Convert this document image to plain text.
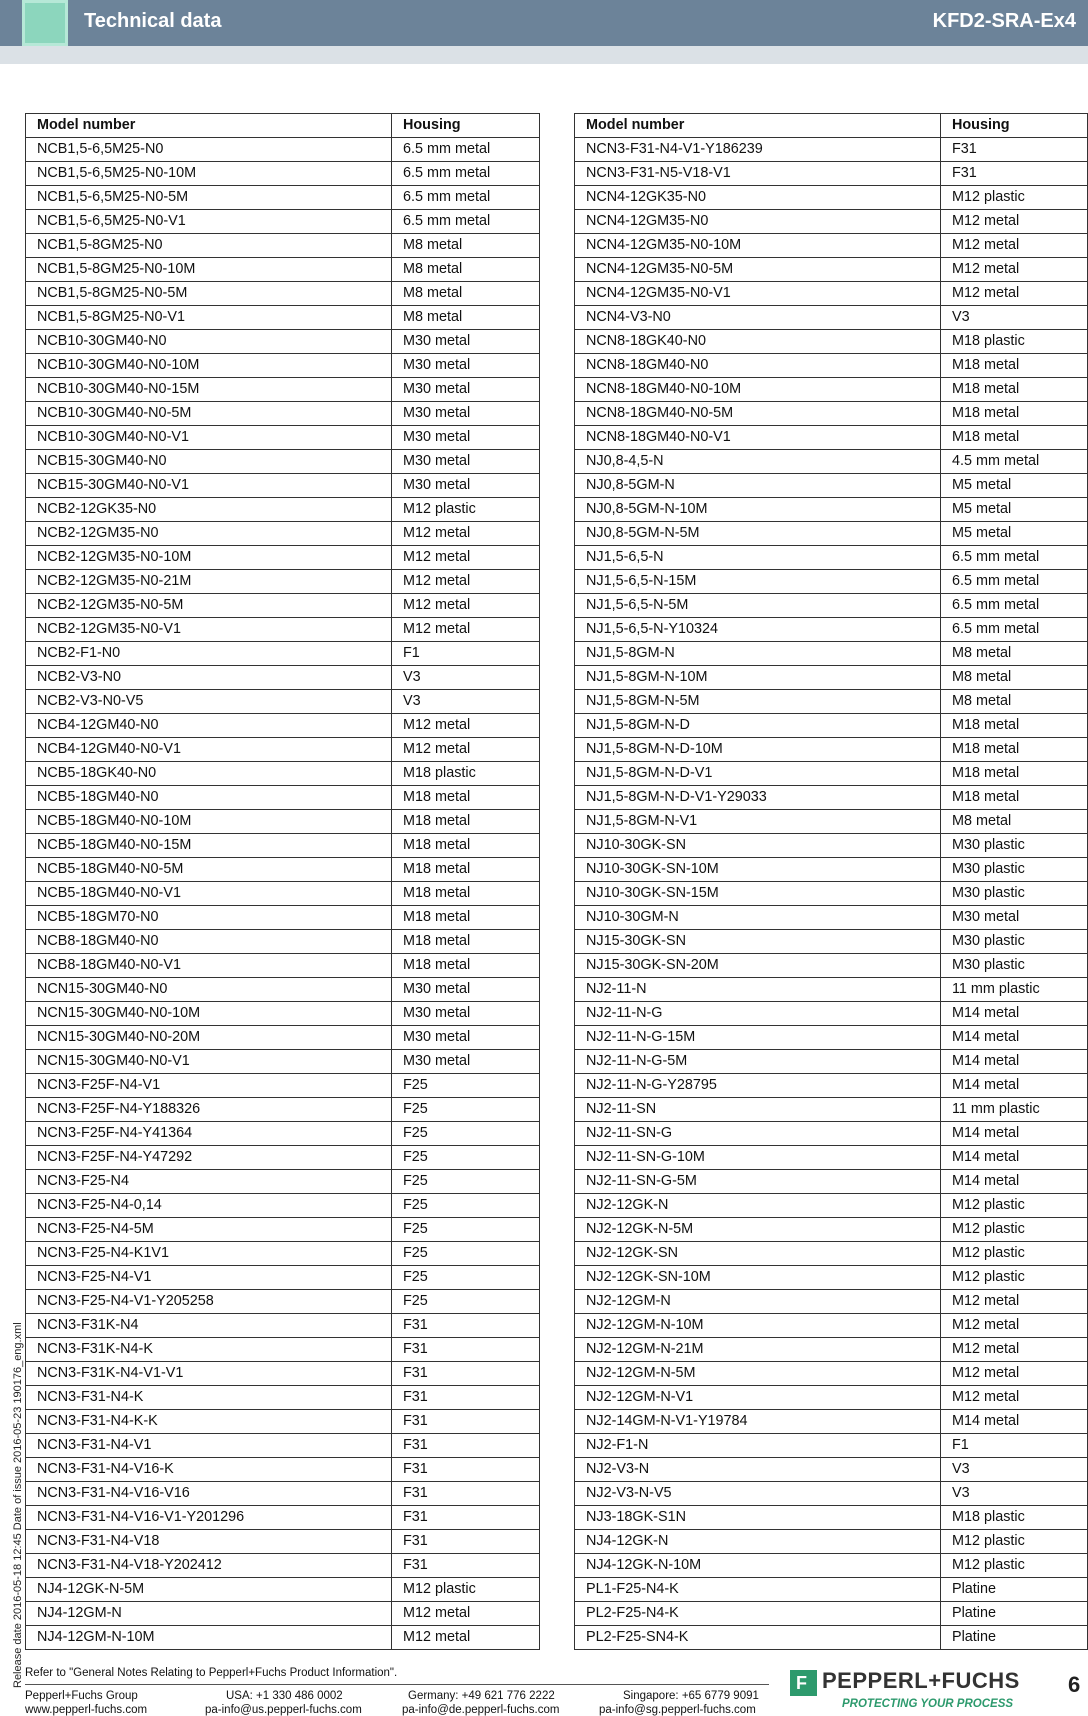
Technical data	KFD2-SRA-Ex4
Model number	Housing
NCB1,5-6,5M25-N0	6.5 mm metal
NCB1,5-6,5M25-N0-10M	6.5 mm metal
NCB1,5-6,5M25-N0-5M	6.5 mm metal
NCB1,5-6,5M25-N0-V1	6.5 mm metal
NCB1,5-8GM25-N0	M8 metal
NCB1,5-8GM25-N0-10M	M8 metal
NCB1,5-8GM25-N0-5M	M8 metal
NCB1,5-8GM25-N0-V1	M8 metal
NCB10-30GM40-N0	M30 metal
NCB10-30GM40-N0-10M	M30 metal
NCB10-30GM40-N0-15M	M30 metal
NCB10-30GM40-N0-5M	M30 metal
NCB10-30GM40-N0-V1	M30 metal
NCB15-30GM40-N0	M30 metal
NCB15-30GM40-N0-V1	M30 metal
NCB2-12GK35-N0	M12 plastic
NCB2-12GM35-N0	M12 metal
NCB2-12GM35-N0-10M	M12 metal
NCB2-12GM35-N0-21M	M12 metal
NCB2-12GM35-N0-5M	M12 metal
NCB2-12GM35-N0-V1	M12 metal
NCB2-F1-N0	F1
NCB2-V3-N0	V3
NCB2-V3-N0-V5	V3
NCB4-12GM40-N0	M12 metal
NCB4-12GM40-N0-V1	M12 metal
NCB5-18GK40-N0	M18 plastic
NCB5-18GM40-N0	M18 metal
NCB5-18GM40-N0-10M	M18 metal
NCB5-18GM40-N0-15M	M18 metal
NCB5-18GM40-N0-5M	M18 metal
NCB5-18GM40-N0-V1	M18 metal
NCB5-18GM70-N0	M18 metal
NCB8-18GM40-N0	M18 metal
NCB8-18GM40-N0-V1	M18 metal
NCN15-30GM40-N0	M30 metal
NCN15-30GM40-N0-10M	M30 metal
NCN15-30GM40-N0-20M	M30 metal
NCN15-30GM40-N0-V1	M30 metal
NCN3-F25F-N4-V1	F25
NCN3-F25F-N4-Y188326	F25
NCN3-F25F-N4-Y41364	F25
NCN3-F25F-N4-Y47292	F25
NCN3-F25-N4	F25
NCN3-F25-N4-0,14	F25
NCN3-F25-N4-5M	F25
NCN3-F25-N4-K1V1	F25
NCN3-F25-N4-V1	F25
NCN3-F25-N4-V1-Y205258	F25
NCN3-F31K-N4	F31
NCN3-F31K-N4-K	F31
NCN3-F31K-N4-V1-V1	F31
NCN3-F31-N4-K	F31
NCN3-F31-N4-K-K	F31
NCN3-F31-N4-V1	F31
NCN3-F31-N4-V16-K	F31
NCN3-F31-N4-V16-V16	F31
NCN3-F31-N4-V16-V1-Y201296	F31
NCN3-F31-N4-V18	F31
NCN3-F31-N4-V18-Y202412	F31
NJ4-12GK-N-5M	M12 plastic
NJ4-12GM-N	M12 metal
NJ4-12GM-N-10M	M12 metal
Model number	Housing
NCN3-F31-N4-V1-Y186239	F31
NCN3-F31-N5-V18-V1	F31
NCN4-12GK35-N0	M12 plastic
NCN4-12GM35-N0	M12 metal
NCN4-12GM35-N0-10M	M12 metal
NCN4-12GM35-N0-5M	M12 metal
NCN4-12GM35-N0-V1	M12 metal
NCN4-V3-N0	V3
NCN8-18GK40-N0	M18 plastic
NCN8-18GM40-N0	M18 metal
NCN8-18GM40-N0-10M	M18 metal
NCN8-18GM40-N0-5M	M18 metal
NCN8-18GM40-N0-V1	M18 metal
NJ0,8-4,5-N	4.5 mm metal
NJ0,8-5GM-N	M5 metal
NJ0,8-5GM-N-10M	M5 metal
NJ0,8-5GM-N-5M	M5 metal
NJ1,5-6,5-N	6.5 mm metal
NJ1,5-6,5-N-15M	6.5 mm metal
NJ1,5-6,5-N-5M	6.5 mm metal
NJ1,5-6,5-N-Y10324	6.5 mm metal
NJ1,5-8GM-N	M8 metal
NJ1,5-8GM-N-10M	M8 metal
NJ1,5-8GM-N-5M	M8 metal
NJ1,5-8GM-N-D	M18 metal
NJ1,5-8GM-N-D-10M	M18 metal
NJ1,5-8GM-N-D-V1	M18 metal
NJ1,5-8GM-N-D-V1-Y29033	M18 metal
NJ1,5-8GM-N-V1	M8 metal
NJ10-30GK-SN	M30 plastic
NJ10-30GK-SN-10M	M30 plastic
NJ10-30GK-SN-15M	M30 plastic
NJ10-30GM-N	M30 metal
NJ15-30GK-SN	M30 plastic
NJ15-30GK-SN-20M	M30 plastic
NJ2-11-N	11 mm plastic
NJ2-11-N-G	M14 metal
NJ2-11-N-G-15M	M14 metal
NJ2-11-N-G-5M	M14 metal
NJ2-11-N-G-Y28795	M14 metal
NJ2-11-SN	11 mm plastic
NJ2-11-SN-G	M14 metal
NJ2-11-SN-G-10M	M14 metal
NJ2-11-SN-G-5M	M14 metal
NJ2-12GK-N	M12 plastic
NJ2-12GK-N-5M	M12 plastic
NJ2-12GK-SN	M12 plastic
NJ2-12GK-SN-10M	M12 plastic
NJ2-12GM-N	M12 metal
NJ2-12GM-N-10M	M12 metal
NJ2-12GM-N-21M	M12 metal
NJ2-12GM-N-5M	M12 metal
NJ2-12GM-N-V1	M12 metal
NJ2-14GM-N-V1-Y19784	M14 metal
NJ2-F1-N	F1
NJ2-V3-N	V3
NJ2-V3-N-V5	V3
NJ3-18GK-S1N	M18 plastic
NJ4-12GK-N	M12 plastic
NJ4-12GK-N-10M	M12 plastic
PL1-F25-N4-K	Platine
PL2-F25-N4-K	Platine
PL2-F25-SN4-K	Platine
Release date 2016-05-18 12:45 Date of issue 2016-05-23 190176_eng.xml Refer to "General Notes Relating to Pepperl+Fuchs Product Information".
Pepperl+Fuchs Group
www.pepperl-fuchs.com
USA: +1 330 486 0002
pa-info@us.pepperl-fuchs.com
Germany: +49 621 776 2222
pa-info@de.pepperl-fuchs.com
Singapore: +65 6779 9091
pa-info@sg.pepperl-fuchs.com
F PEPPERL+FUCHS
PROTECTING YOUR PROCESS
6
